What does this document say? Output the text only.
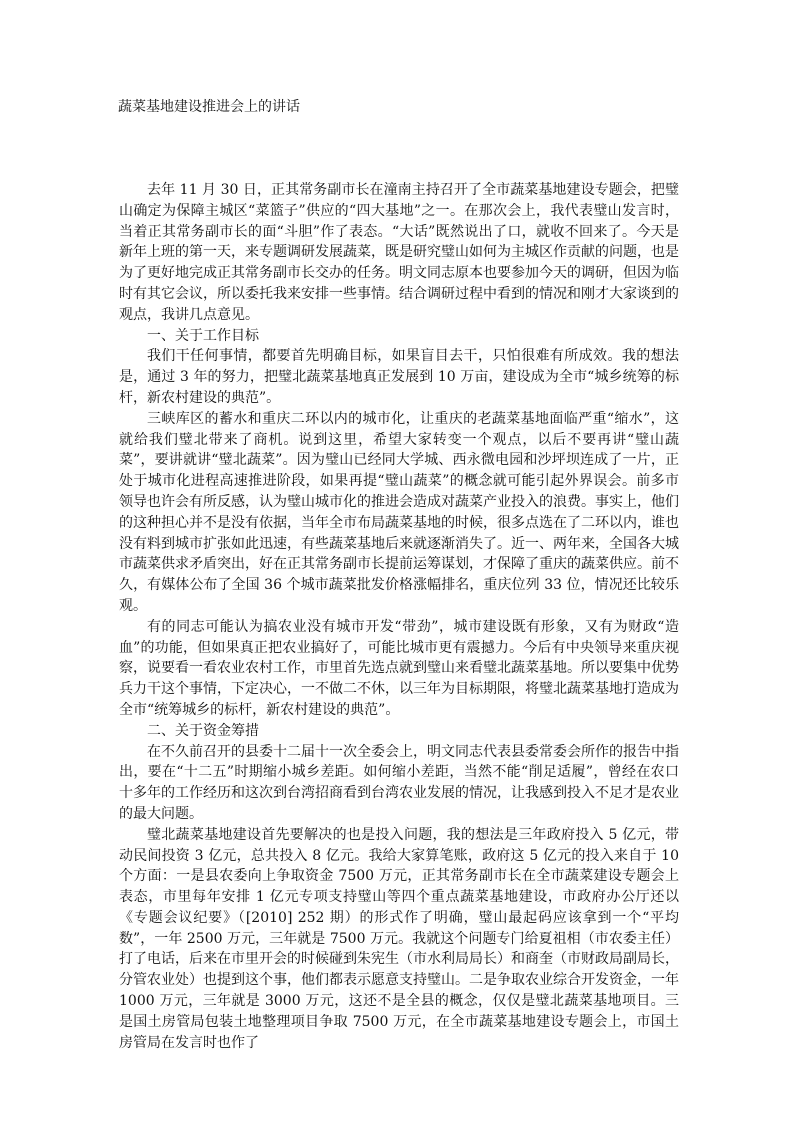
蔬菜基地建设推进会上的讲话

去年 11 月 30 日，正其常务副市长在潼南主持召开了全市蔬菜基地建设专题会，把璧山确定为保障主城区“菜篮子”供应的“四大基地”之一。在那次会上，我代表璧山发言时，当着正其常务副市长的面“斗胆”作了表态。“大话”既然说出了口，就收不回来了。今天是新年上班的第一天，来专题调研发展蔬菜，既是研究璧山如何为主城区作贡献的问题，也是为了更好地完成正其常务副市长交办的任务。明文同志原本也要参加今天的调研，但因为临时有其它会议，所以委托我来安排一些事情。结合调研过程中看到的情况和刚才大家谈到的观点，我讲几点意见。

一、关于工作目标

我们干任何事情，都要首先明确目标，如果盲目去干，只怕很难有所成效。我的想法是，通过 3 年的努力，把璧北蔬菜基地真正发展到 10 万亩，建设成为全市“城乡统筹的标杆，新农村建设的典范”。

三峡库区的蓄水和重庆二环以内的城市化，让重庆的老蔬菜基地面临严重“缩水”，这就给我们璧北带来了商机。说到这里，希望大家转变一个观点，以后不要再讲“璧山蔬菜”，要讲就讲“璧北蔬菜”。因为璧山已经同大学城、西永微电园和沙坪坝连成了一片，正处于城市化进程高速推进阶段，如果再提“璧山蔬菜”的概念就可能引起外界误会。前多市领导也许会有所反感，认为璧山城市化的推进会造成对蔬菜产业投入的浪费。事实上，他们的这种担心并不是没有依据，当年全市布局蔬菜基地的时候，很多点选在了二环以内，谁也没有料到城市扩张如此迅速，有些蔬菜基地后来就逐渐消失了。近一、两年来，全国各大城市蔬菜供求矛盾突出，好在正其常务副市长提前运筹谋划，才保障了重庆的蔬菜供应。前不久，有媒体公布了全国 36 个城市蔬菜批发价格涨幅排名，重庆位列 33 位，情况还比较乐观。

有的同志可能认为搞农业没有城市开发“带劲”，城市建设既有形象，又有为财政“造血”的功能，但如果真正把农业搞好了，可能比城市更有震撼力。今后有中央领导来重庆视察，说要看一看农业农村工作，市里首先选点就到璧山来看璧北蔬菜基地。所以要集中优势兵力干这个事情，下定决心，一不做二不休，以三年为目标期限，将璧北蔬菜基地打造成为全市“统筹城乡的标杆，新农村建设的典范”。

二、关于资金筹措

在不久前召开的县委十二届十一次全委会上，明文同志代表县委常委会所作的报告中指出，要在“十二五”时期缩小城乡差距。如何缩小差距，当然不能“削足适履”，曾经在农口十多年的工作经历和这次到台湾招商看到台湾农业发展的情况，让我感到投入不足才是农业的最大问题。

璧北蔬菜基地建设首先要解决的也是投入问题，我的想法是三年政府投入 5 亿元，带动民间投资 3 亿元，总共投入 8 亿元。我给大家算笔账，政府这 5 亿元的投入来自于 10 个方面：一是县农委向上争取资金 7500 万元，正其常务副市长在全市蔬菜建设专题会上表态，市里每年安排 1 亿元专项支持璧山等四个重点蔬菜基地建设，市政府办公厅还以《专题会议纪要》（[2010] 252 期）的形式作了明确，璧山最起码应该拿到一个“平均数”，一年 2500 万元，三年就是 7500 万元。我就这个问题专门给夏祖相（市农委主任）打了电话，后来在市里开会的时候碰到朱宪生（市水利局局长）和商奎（市财政局副局长，分管农业处）也提到这个事，他们都表示愿意支持璧山。二是争取农业综合开发资金，一年 1000 万元，三年就是 3000 万元，这还不是全县的概念，仅仅是璧北蔬菜基地项目。三是国土房管局包装土地整理项目争取 7500 万元，在全市蔬菜基地建设专题会上，市国土房管局在发言时也作了
